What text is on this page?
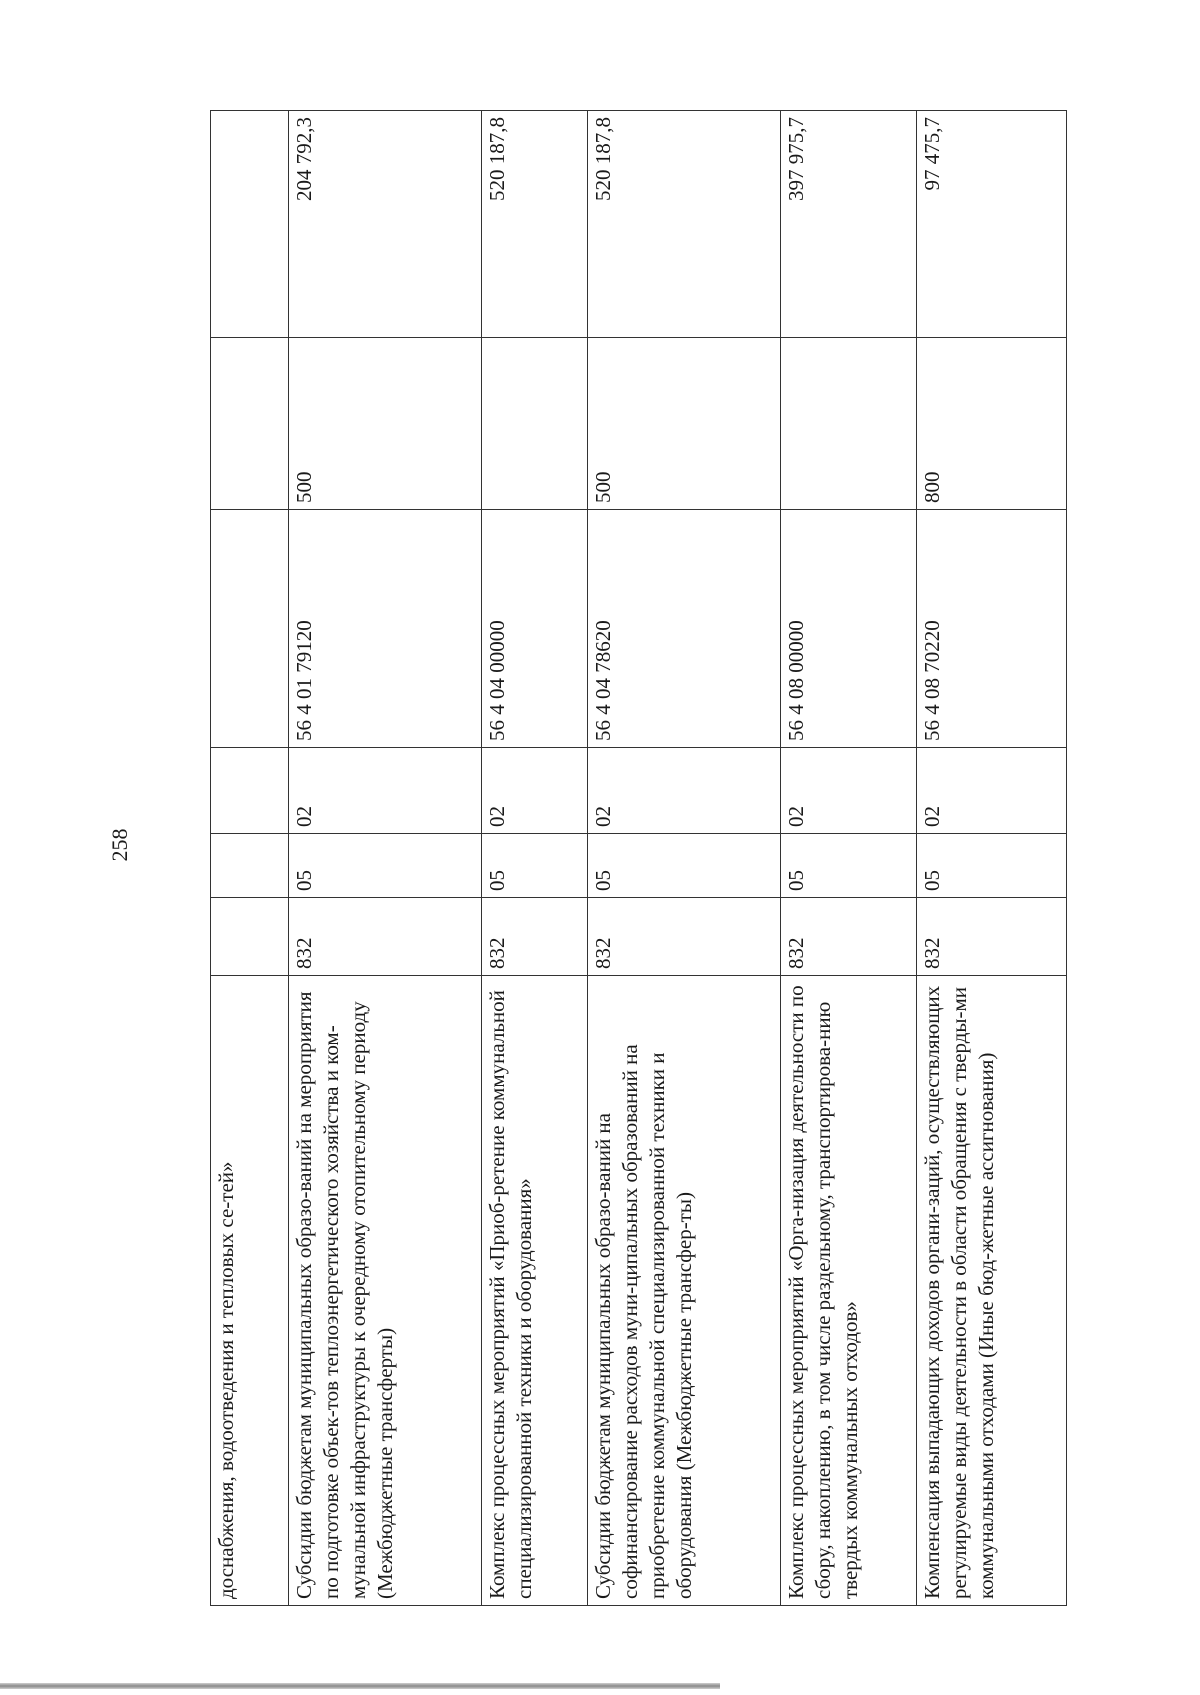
258
доснабжения, водоотведения и тепловых се-тей»						
Субсидии бюджетам муниципальных образо-ваний на мероприятия по подготовке объек-тов теплоэнергетического хозяйства и ком-мунальной инфраструктуры к очередному отопительному периоду (Межбюджетные трансферты)	832	05	02	56 4 01 79120	500	204 792,3
Комплекс процессных мероприятий «Приоб-ретение коммунальной специализированной техники и оборудования»	832	05	02	56 4 04 00000		520 187,8
Субсидии бюджетам муниципальных образо-ваний на софинансирование расходов муни-ципальных образований на приобретение коммунальной специализированной техники и оборудования (Межбюджетные трансфер-ты)	832	05	02	56 4 04 78620	500	520 187,8
Комплекс процессных мероприятий «Орга-низация деятельности по сбору, накоплению, в том числе раздельному, транспортирова-нию твердых коммунальных отходов»	832	05	02	56 4 08 00000		397 975,7
Компенсация выпадающих доходов органи-заций, осуществляющих регулируемые виды деятельности в области обращения с тверды-ми коммунальными отходами (Иные бюд-жетные ассигнования)	832	05	02	56 4 08 70220	800	97 475,7
